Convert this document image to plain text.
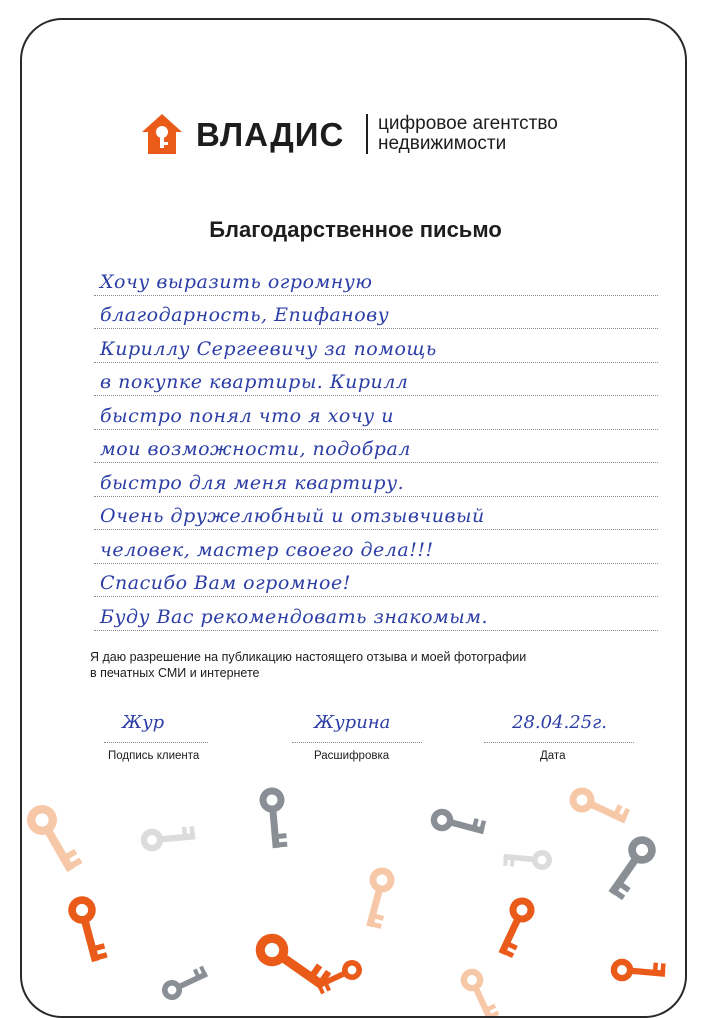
ВЛАДИС цифровое агентство
недвижимости
Благодарственное письмо
Хочу выразить огромную
благодарность, Епифанову
Кириллу Сергеевичу за помощь
в покупке квартиры. Кирилл
быстро понял что я хочу и
мои возможности, подобрал
быстро для меня квартиру.
Очень дружелюбный и отзывчивый
человек, мастер своего дела!!!
Спасибо Вам огромное!
Буду Вас рекомендовать знакомым.
Я даю разрешение на публикацию настоящего отзыва и моей фотографии
в печатных СМИ и интернете
Жур
Подпись клиента
Журина
Расшифровка
28.04.25г.
Дата
